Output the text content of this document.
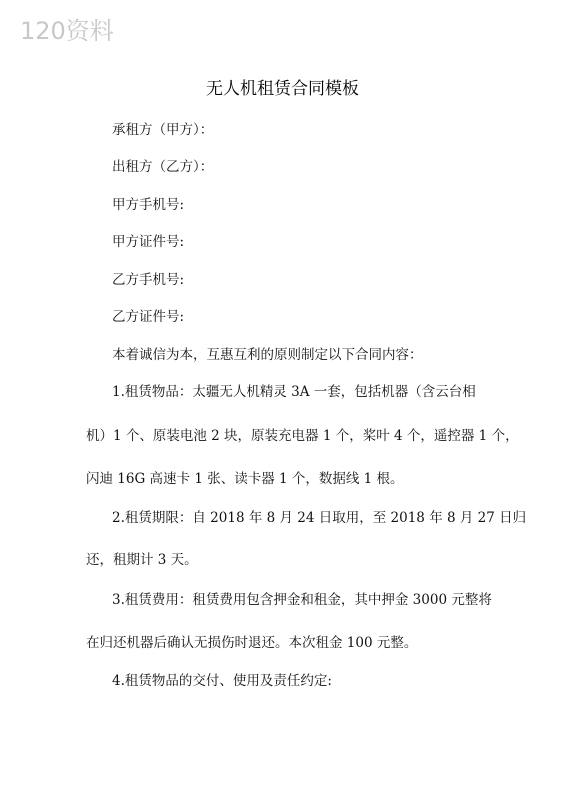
120资料
无人机租赁合同模板
承租方（甲方）：
出租方（乙方）：
甲方手机号:
甲方证件号:
乙方手机号:
乙方证件号:
本着诚信为本，互惠互利的原则制定以下合同内容：
1.租赁物品：太疆无人机精灵 3A 一套，包括机器（含云台相
机）1 个、原装电池 2 块，原装充电器 1 个，桨叶 4 个，遥控器 1 个，
闪迪 16G 高速卡 1 张、读卡器 1 个，数据线 1 根。
2.租赁期限：自 2018 年 8 月 24 日取用，至 2018 年 8 月 27 日归
还，租期计 3 天。
3.租赁费用：租赁费用包含押金和租金，其中押金 3000 元整将
在归还机器后确认无损伤时退还。本次租金 100 元整。
4.租赁物品的交付、使用及责任约定:
